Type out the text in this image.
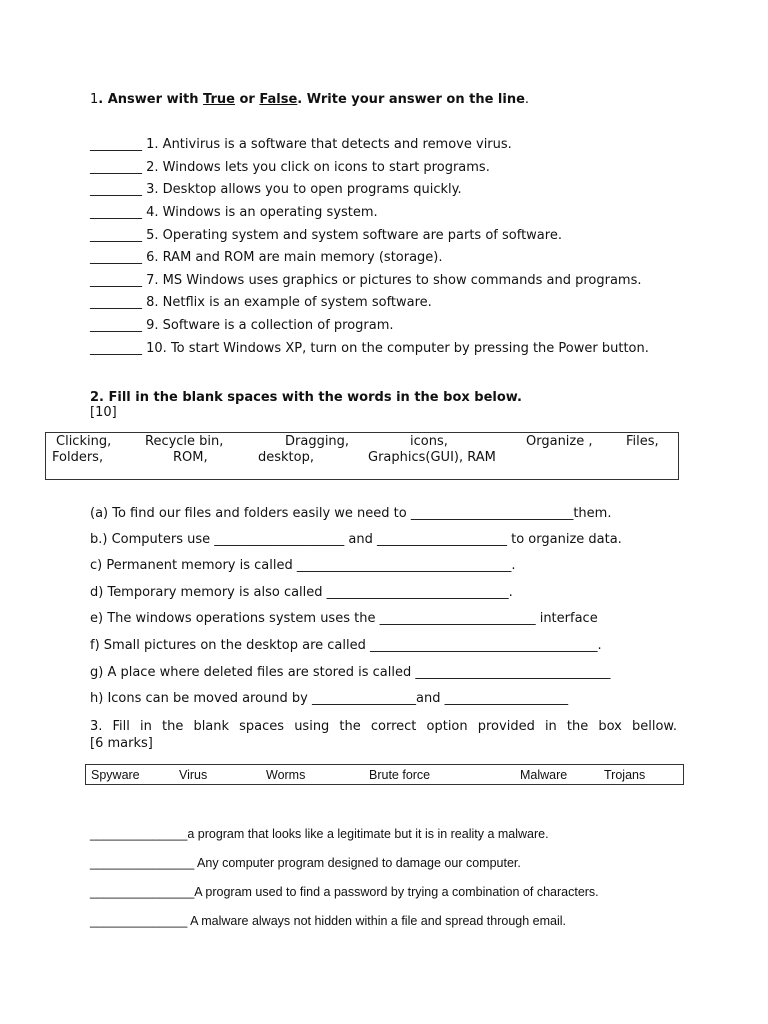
1. Answer with True or False. Write your answer on the line.
________ 1. Antivirus is a software that detects and remove virus.
________ 2. Windows lets you click on icons to start programs.
________ 3. Desktop allows you to open programs quickly.
________ 4. Windows is an operating system.
________ 5. Operating system and system software are parts of software.
________ 6. RAM and ROM are main memory (storage).
________ 7. MS Windows uses graphics or pictures to show commands and programs.
________ 8. Netflix is an example of system software.
________ 9. Software is a collection of program.
________ 10. To start Windows XP, turn on the computer by pressing the Power button.
2. Fill in the blank spaces with the words in the box below.
[10]
Clicking,	Recycle bin,	Dragging,	icons,	Organize ,	Files,
Folders,	ROM,	desktop,	Graphics(GUI), RAM
(a) To find our files and folders easily we need to _________________________them.
b.) Computers use ____________________ and ____________________ to organize data.
c) Permanent memory is called _________________________________.
d) Temporary memory is also called ____________________________.
e) The windows operations system uses the ________________________ interface
f) Small pictures on the desktop are called ___________________________________.
g) A place where deleted files are stored is called ______________________________
h) Icons can be moved around by ________________and ___________________
3. Fill in the blank spaces using the correct option provided in the box bellow.
[6 marks]
Spyware	Virus	Worms	Brute force	Malware	Trojans
______________a program that looks like a legitimate but it is in reality a malware.
_______________ Any computer program designed to damage our computer.
_______________A program used to find a password by trying a combination of characters.
______________ A malware always not hidden within a file and spread through email.
